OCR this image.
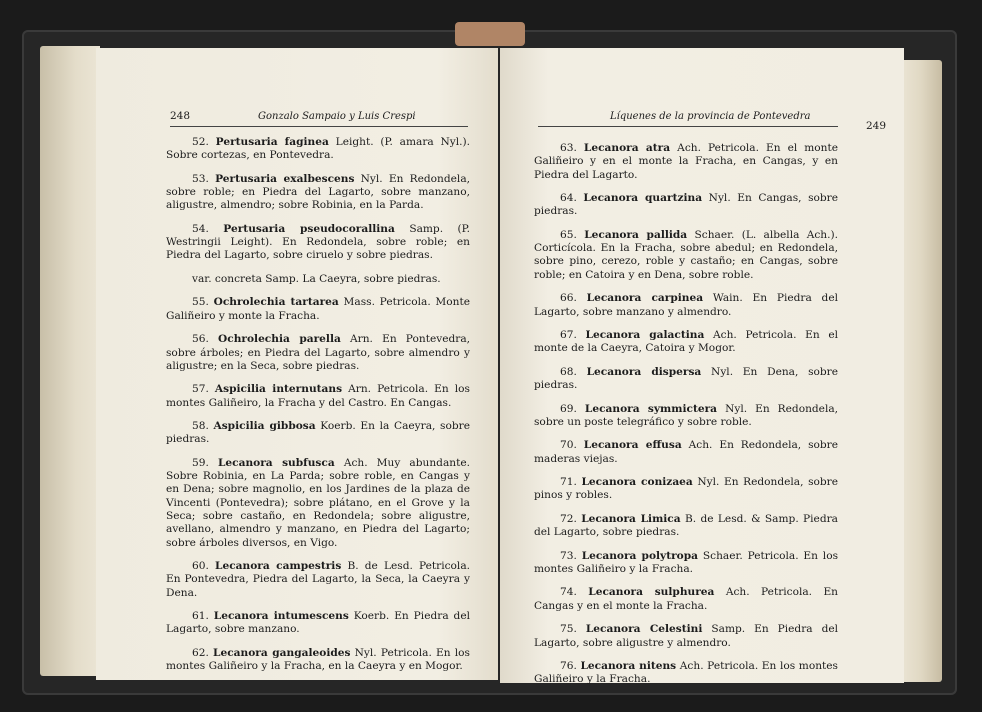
248	Gonzalo Sampaio y Luis Crespi

52. Pertusaria faginea Leight. (P. amara Nyl.). Sobre cortezas, en Pontevedra.

53. Pertusaria exalbescens Nyl. En Redondela, sobre roble; en Piedra del Lagarto, sobre manzano, aligustre, almendro; sobre Robinia, en la Parda.

54. Pertusaria pseudocorallina Samp. (P. Westringii Leight). En Redondela, sobre roble; en Piedra del Lagarto, sobre ciruelo y sobre piedras.

var. concreta Samp. La Caeyra, sobre piedras.

55. Ochrolechia tartarea Mass. Petricola. Monte Galiñeiro y monte la Fracha.

56. Ochrolechia parella Arn. En Pontevedra, sobre árboles; en Piedra del Lagarto, sobre almendro y aligustre; en la Seca, sobre piedras.

57. Aspicilia internutans Arn. Petricola. En los montes Galiñeiro, la Fracha y del Castro. En Cangas.

58. Aspicilia gibbosa Koerb. En la Caeyra, sobre piedras.

59. Lecanora subfusca Ach. Muy abundante. Sobre Robinia, en La Parda; sobre roble, en Cangas y en Dena; sobre magnolio, en los Jardines de la plaza de Vincenti (Pontevedra); sobre plátano, en el Grove y la Seca; sobre castaño, en Redondela; sobre aligustre, avellano, almendro y manzano, en Piedra del Lagarto; sobre árboles diversos, en Vigo.

60. Lecanora campestris B. de Lesd. Petricola. En Pontevedra, Piedra del Lagarto, la Seca, la Caeyra y Dena.

61. Lecanora intumescens Koerb. En Piedra del Lagarto, sobre manzano.

62. Lecanora gangaleoides Nyl. Petricola. En los montes Galiñeiro y la Fracha, en la Caeyra y en Mogor.

Líquenes de la provincia de Pontevedra
249

63. Lecanora atra Ach. Petricola. En el monte Galiñeiro y en el monte la Fracha, en Cangas, y en Piedra del Lagarto.

64. Lecanora quartzina Nyl. En Cangas, sobre piedras.

65. Lecanora pallida Schaer. (L. albella Ach.). Corticícola. En la Fracha, sobre abedul; en Redondela, sobre pino, cerezo, roble y castaño; en Cangas, sobre roble; en Catoira y en Dena, sobre roble.

66. Lecanora carpinea Wain. En Piedra del Lagarto, sobre manzano y almendro.

67. Lecanora galactina Ach. Petricola. En el monte de la Caeyra, Catoira y Mogor.

68. Lecanora dispersa Nyl. En Dena, sobre piedras.

69. Lecanora symmictera Nyl. En Redondela, sobre un poste telegráfico y sobre roble.

70. Lecanora effusa Ach. En Redondela, sobre maderas viejas.

71. Lecanora conizaea Nyl. En Redondela, sobre pinos y robles.

72. Lecanora Limica B. de Lesd. & Samp. Piedra del Lagarto, sobre piedras.

73. Lecanora polytropa Schaer. Petricola. En los montes Galiñeiro y la Fracha.

74. Lecanora sulphurea Ach. Petricola. En Cangas y en el monte la Fracha.

75. Lecanora Celestini Samp. En Piedra del Lagarto, sobre aligustre y almendro.

76. Lecanora nitens Ach. Petricola. En los montes Galiñeiro y la Fracha.
